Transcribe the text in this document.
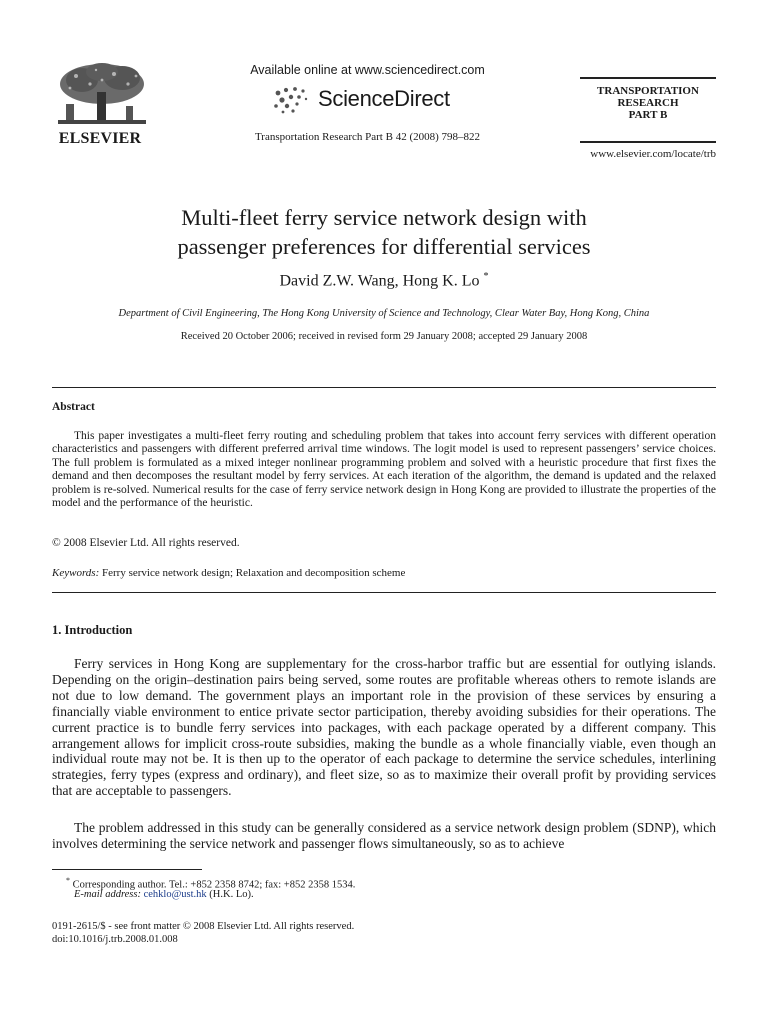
ELSEVIER
Available online at www.sciencedirect.com
ScienceDirect
Transportation Research Part B 42 (2008) 798–822
TRANSPORTATION
RESEARCH
PART B
www.elsevier.com/locate/trb
Multi-fleet ferry service network design with
passenger preferences for differential services
David Z.W. Wang, Hong K. Lo *
Department of Civil Engineering, The Hong Kong University of Science and Technology, Clear Water Bay, Hong Kong, China
Received 20 October 2006; received in revised form 29 January 2008; accepted 29 January 2008
Abstract
This paper investigates a multi-fleet ferry routing and scheduling problem that takes into account ferry services with different operation characteristics and passengers with different preferred arrival time windows. The logit model is used to represent passengers’ service choices. The full problem is formulated as a mixed integer nonlinear programming problem and solved with a heuristic procedure that first fixes the demand and then decomposes the resultant model by ferry services. At each iteration of the algorithm, the demand is updated and the relaxed problem is re-solved. Numerical results for the case of ferry service network design in Hong Kong are provided to illustrate the properties of the model and the performance of the heuristic.
© 2008 Elsevier Ltd. All rights reserved.
Keywords: Ferry service network design; Relaxation and decomposition scheme
1. Introduction
Ferry services in Hong Kong are supplementary for the cross-harbor traffic but are essential for outlying islands. Depending on the origin–destination pairs being served, some routes are profitable whereas others to remote islands are not due to low demand. The government plays an important role in the provision of these services by ensuring a financially viable environment to entice private sector participation, thereby avoiding subsidies for their operations. The current practice is to bundle ferry services into packages, with each package operated by a different company. This arrangement allows for implicit cross-route subsidies, making the bundle as a whole financially viable, even though an individual route may not be. It is then up to the operator of each package to determine the service schedules, interlining strategies, ferry types (express and ordinary), and fleet size, so as to maximize their overall profit by providing services that are acceptable to passengers.
The problem addressed in this study can be generally considered as a service network design problem (SDNP), which involves determining the service network and passenger flows simultaneously, so as to achieve
* Corresponding author. Tel.: +852 2358 8742; fax: +852 2358 1534.
E-mail address: cehklo@ust.hk (H.K. Lo).
0191-2615/$ - see front matter © 2008 Elsevier Ltd. All rights reserved.
doi:10.1016/j.trb.2008.01.008
